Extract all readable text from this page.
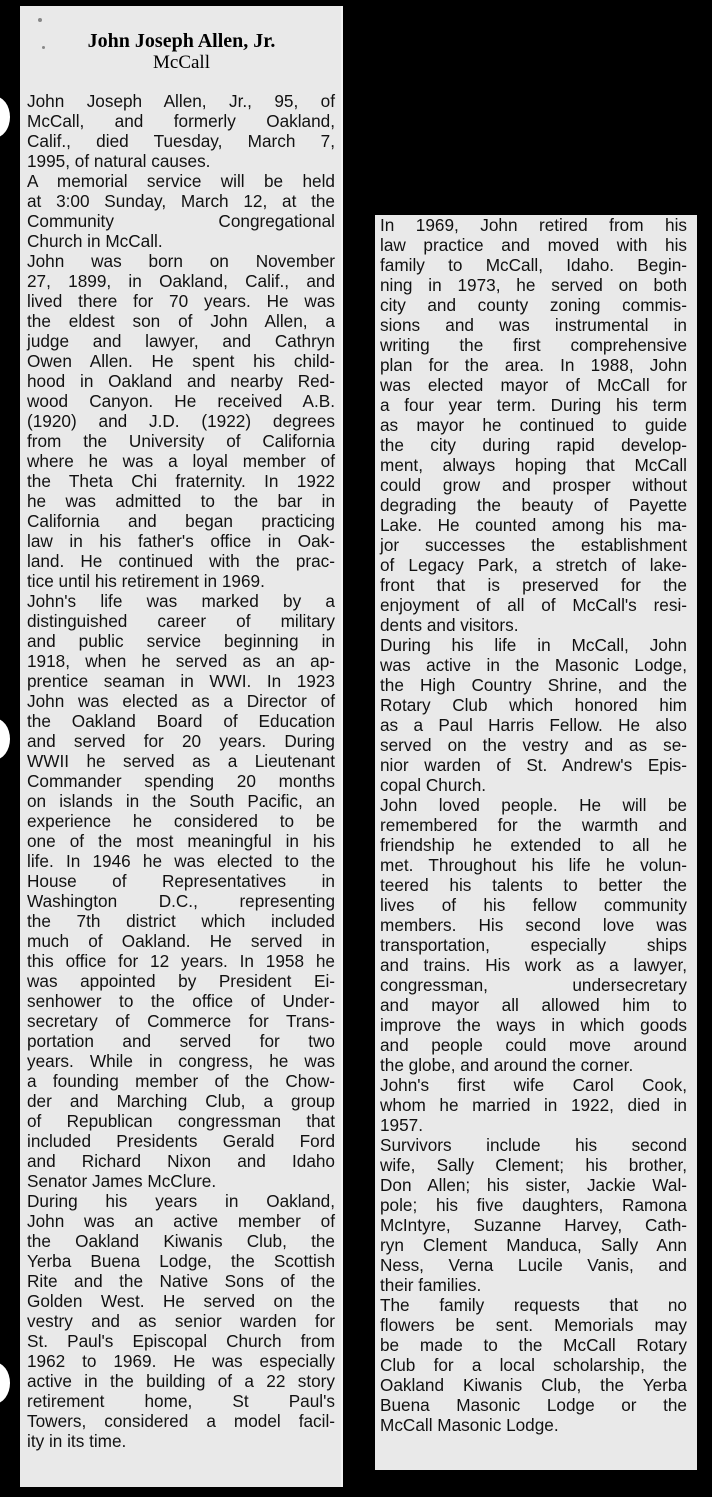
John Joseph Allen, Jr.
McCall
John Joseph Allen, Jr., 95, of
McCall, and formerly Oakland,
Calif., died Tuesday, March 7,
1995, of natural causes.
A memorial service will be held
at 3:00 Sunday, March 12, at the
Community Congregational
Church in McCall.
John was born on November
27, 1899, in Oakland, Calif., and
lived there for 70 years. He was
the eldest son of John Allen, a
judge and lawyer, and Cathryn
Owen Allen. He spent his child-
hood in Oakland and nearby Red-
wood Canyon. He received A.B.
(1920) and J.D. (1922) degrees
from the University of California
where he was a loyal member of
the Theta Chi fraternity. In 1922
he was admitted to the bar in
California and began practicing
law in his father's office in Oak-
land. He continued with the prac-
tice until his retirement in 1969.
John's life was marked by a
distinguished career of military
and public service beginning in
1918, when he served as an ap-
prentice seaman in WWI. In 1923
John was elected as a Director of
the Oakland Board of Education
and served for 20 years. During
WWII he served as a Lieutenant
Commander spending 20 months
on islands in the South Pacific, an
experience he considered to be
one of the most meaningful in his
life. In 1946 he was elected to the
House of Representatives in
Washington D.C., representing
the 7th district which included
much of Oakland. He served in
this office for 12 years. In 1958 he
was appointed by President Ei-
senhower to the office of Under-
secretary of Commerce for Trans-
portation and served for two
years. While in congress, he was
a founding member of the Chow-
der and Marching Club, a group
of Republican congressman that
included Presidents Gerald Ford
and Richard Nixon and Idaho
Senator James McClure.
During his years in Oakland,
John was an active member of
the Oakland Kiwanis Club, the
Yerba Buena Lodge, the Scottish
Rite and the Native Sons of the
Golden West. He served on the
vestry and as senior warden for
St. Paul's Episcopal Church from
1962 to 1969. He was especially
active in the building of a 22 story
retirement home, St Paul's
Towers, considered a model facil-
ity in its time.
In 1969, John retired from his
law practice and moved with his
family to McCall, Idaho. Begin-
ning in 1973, he served on both
city and county zoning commis-
sions and was instrumental in
writing the first comprehensive
plan for the area. In 1988, John
was elected mayor of McCall for
a four year term. During his term
as mayor he continued to guide
the city during rapid develop-
ment, always hoping that McCall
could grow and prosper without
degrading the beauty of Payette
Lake. He counted among his ma-
jor successes the establishment
of Legacy Park, a stretch of lake-
front that is preserved for the
enjoyment of all of McCall's resi-
dents and visitors.
During his life in McCall, John
was active in the Masonic Lodge,
the High Country Shrine, and the
Rotary Club which honored him
as a Paul Harris Fellow. He also
served on the vestry and as se-
nior warden of St. Andrew's Epis-
copal Church.
John loved people. He will be
remembered for the warmth and
friendship he extended to all he
met. Throughout his life he volun-
teered his talents to better the
lives of his fellow community
members. His second love was
transportation, especially ships
and trains. His work as a lawyer,
congressman, undersecretary
and mayor all allowed him to
improve the ways in which goods
and people could move around
the globe, and around the corner.
John's first wife Carol Cook,
whom he married in 1922, died in
1957.
Survivors include his second
wife, Sally Clement; his brother,
Don Allen; his sister, Jackie Wal-
pole; his five daughters, Ramona
McIntyre, Suzanne Harvey, Cath-
ryn Clement Manduca, Sally Ann
Ness, Verna Lucile Vanis, and
their families.
The family requests that no
flowers be sent. Memorials may
be made to the McCall Rotary
Club for a local scholarship, the
Oakland Kiwanis Club, the Yerba
Buena Masonic Lodge or the
McCall Masonic Lodge.
